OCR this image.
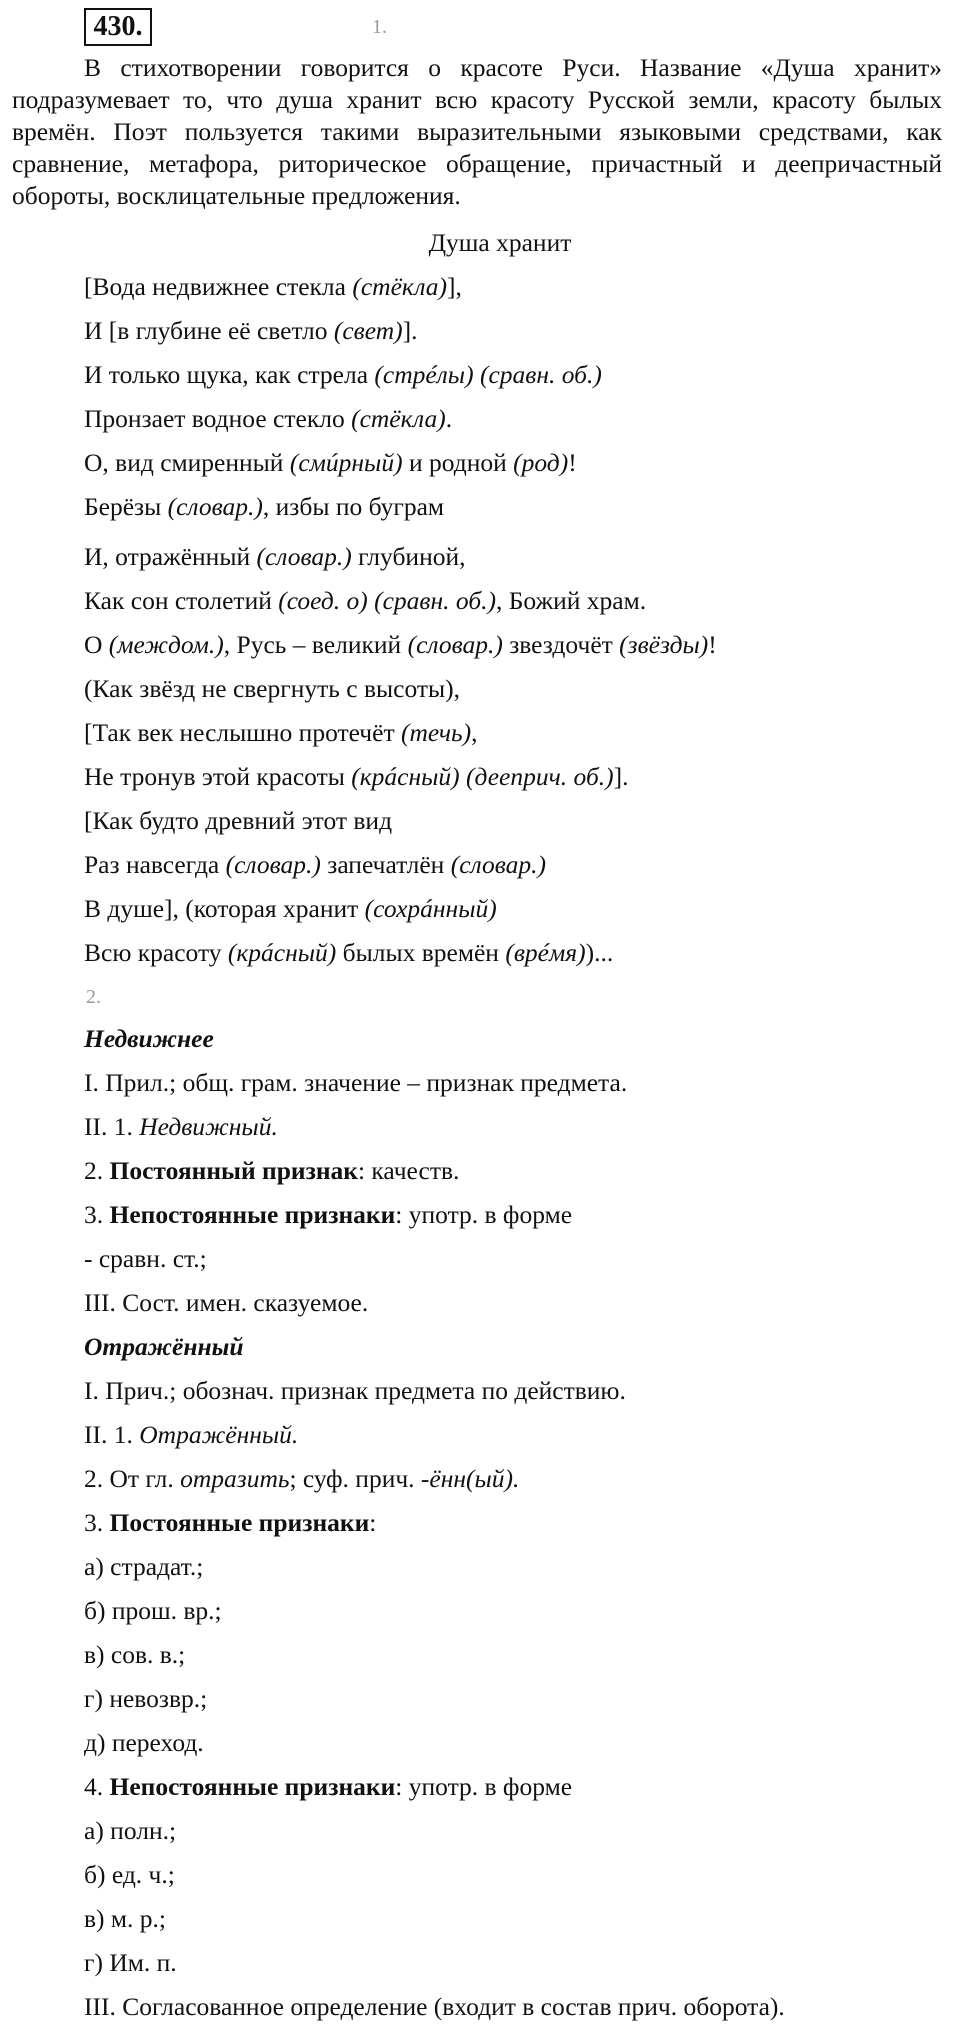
430.	1.
В стихотворении говорится о красоте Руси. Название «Душа хранит» подразумевает то, что душа хранит всю красоту Русской земли, красоту былых времён. Поэт пользуется такими выразительными языковыми средствами, как сравнение, метафора, риторическое обращение, причастный и деепричастный обороты, восклицательные предложения.
Душа хранит
[Вода недвижнее стекла (стёкла)],
И [в глубине её светло (свет)].
И только щука, как стрела (стрéлы) (сравн. об.)
Пронзает водное стекло (стёкла).
О, вид смиренный (смúрный) и родной (род)!
Берёзы (словар.), избы по буграм
И, отражённый (словар.) глубиной,
Как сон столетий (соед. о) (сравн. об.), Божий храм.
О (междом.), Русь – великий (словар.) звездочёт (звёзды)!
(Как звёзд не свергнуть с высоты),
[Так век неслышно протечёт (течь),
Не тронув этой красоты (крáсный) (дееприч. об.)].
[Как будто древний этот вид
Раз навсегда (словар.) запечатлён (словар.)
В душе], (которая хранит (сохрáнный)
Всю красоту (крáсный) былых времён (врéмя))...
2.
Недвижнее
I. Прил.; общ. грам. значение – признак предмета.
II. 1. Недвижный.
2. Постоянный признак: качеств.
3. Непостоянные признаки: употр. в форме
- сравн. ст.;
III. Сост. имен. сказуемое.
Отражённый
I. Прич.; обознач. признак предмета по действию.
II. 1. Отражённый.
2. От гл. отразить; суф. прич. -ённ(ый).
3. Постоянные признаки:
а) страдат.;
б) прош. вр.;
в) сов. в.;
г) невозвр.;
д) переход.
4. Непостоянные признаки: употр. в форме
а) полн.;
б) ед. ч.;
в) м. р.;
г) Им. п.
III. Согласованное определение (входит в состав прич. оборота).
